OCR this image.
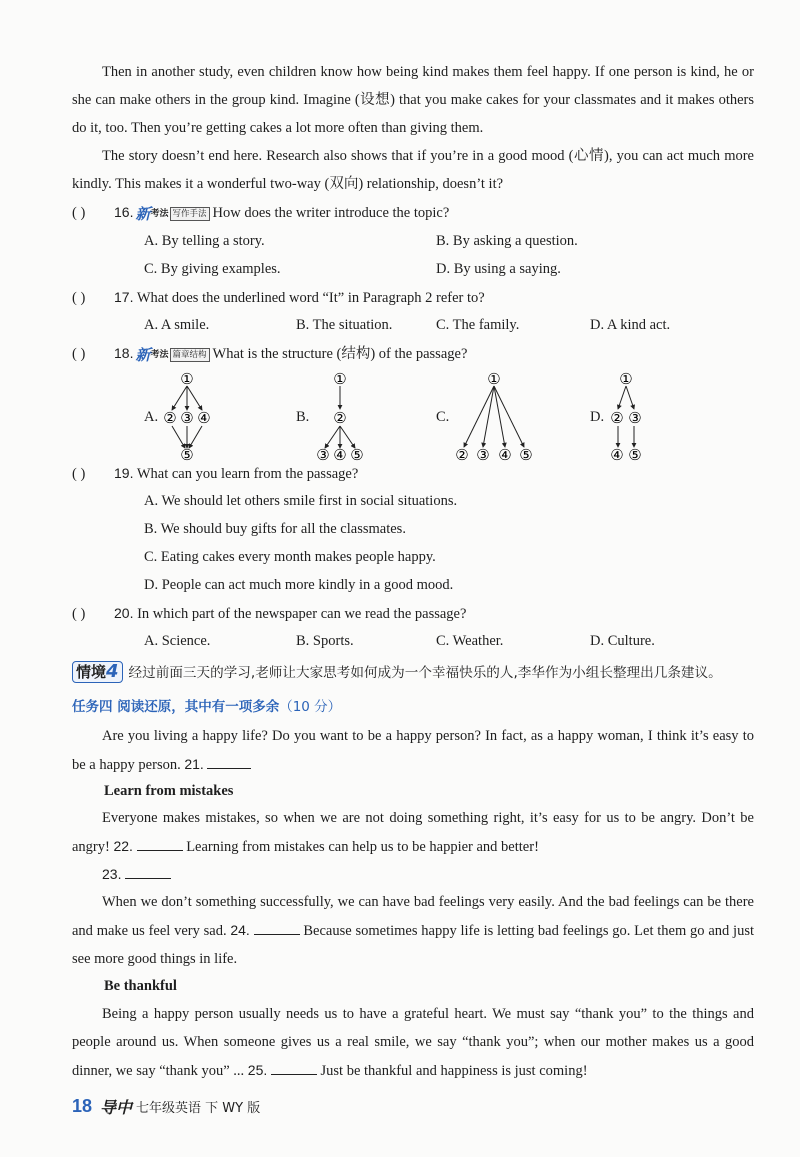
Then in another study, even children know how being kind makes them feel happy. If one person is kind, he or she can make others in the group kind. Imagine (设想) that you make cakes for your classmates and it makes others do it, too. Then you’re getting cakes a lot more often than giving them.

The story doesn’t end here. Research also shows that if you’re in a good mood (心情), you can act much more kindly. This makes it a wonderful two-way (双向) relationship, doesn’t it?

( ) 16. 新 考法 写作手法 How does the writer introduce the topic?
A. By telling a story.	B. By asking a question.
C. By giving examples.	D. By using a saying.
( ) 17. What does the underlined word “It” in Paragraph 2 refer to?
A. A smile.	B. The situation.	C. The family.	D. A kind act.
( ) 18. 新 考法 篇章结构 What is the structure (结构) of the passage?
A.
①
② ③ ④
⑤
B.
①
②
③ ④ ⑤
C.
①
② ③ ④ ⑤
D.
①
② ③
④ ⑤
( ) 19. What can you learn from the passage?
A. We should let others smile first in social situations.
B. We should buy gifts for all the classmates.
C. Eating cakes every month makes people happy.
D. People can act much more kindly in a good mood.
( ) 20. In which part of the newspaper can we read the passage?
A. Science.	B. Sports.	C. Weather.	D. Culture.
情境4 经过前面三天的学习,老师让大家思考如何成为一个幸福快乐的人,李华作为小组长整理出几条建议。
任务四 阅读还原，其中有一项多余（10 分）

Are you living a happy life? Do you want to be a happy person? In fact, as a happy woman, I think it’s easy to be a happy person. 21.

Learn from mistakes

Everyone makes mistakes, so when we are not doing something right, it’s easy for us to be angry. Don’t be angry! 22.	Learning from mistakes can help us to be happier and better!

23.

When we don’t something successfully, we can have bad feelings very easily. And the bad feelings can be there and make us feel very sad. 24.	Because sometimes happy life is letting bad feelings go. Let them go and just see more good things in life.

Be thankful

Being a happy person usually needs us to have a grateful heart. We must say “thank you” to the things and people around us. When someone gives us a real smile, we say “thank you”; when our mother makes us a good dinner, we say “thank you” ... 25.	Just be thankful and happiness is just coming!

18 导中 七年级英语 下 WY 版
